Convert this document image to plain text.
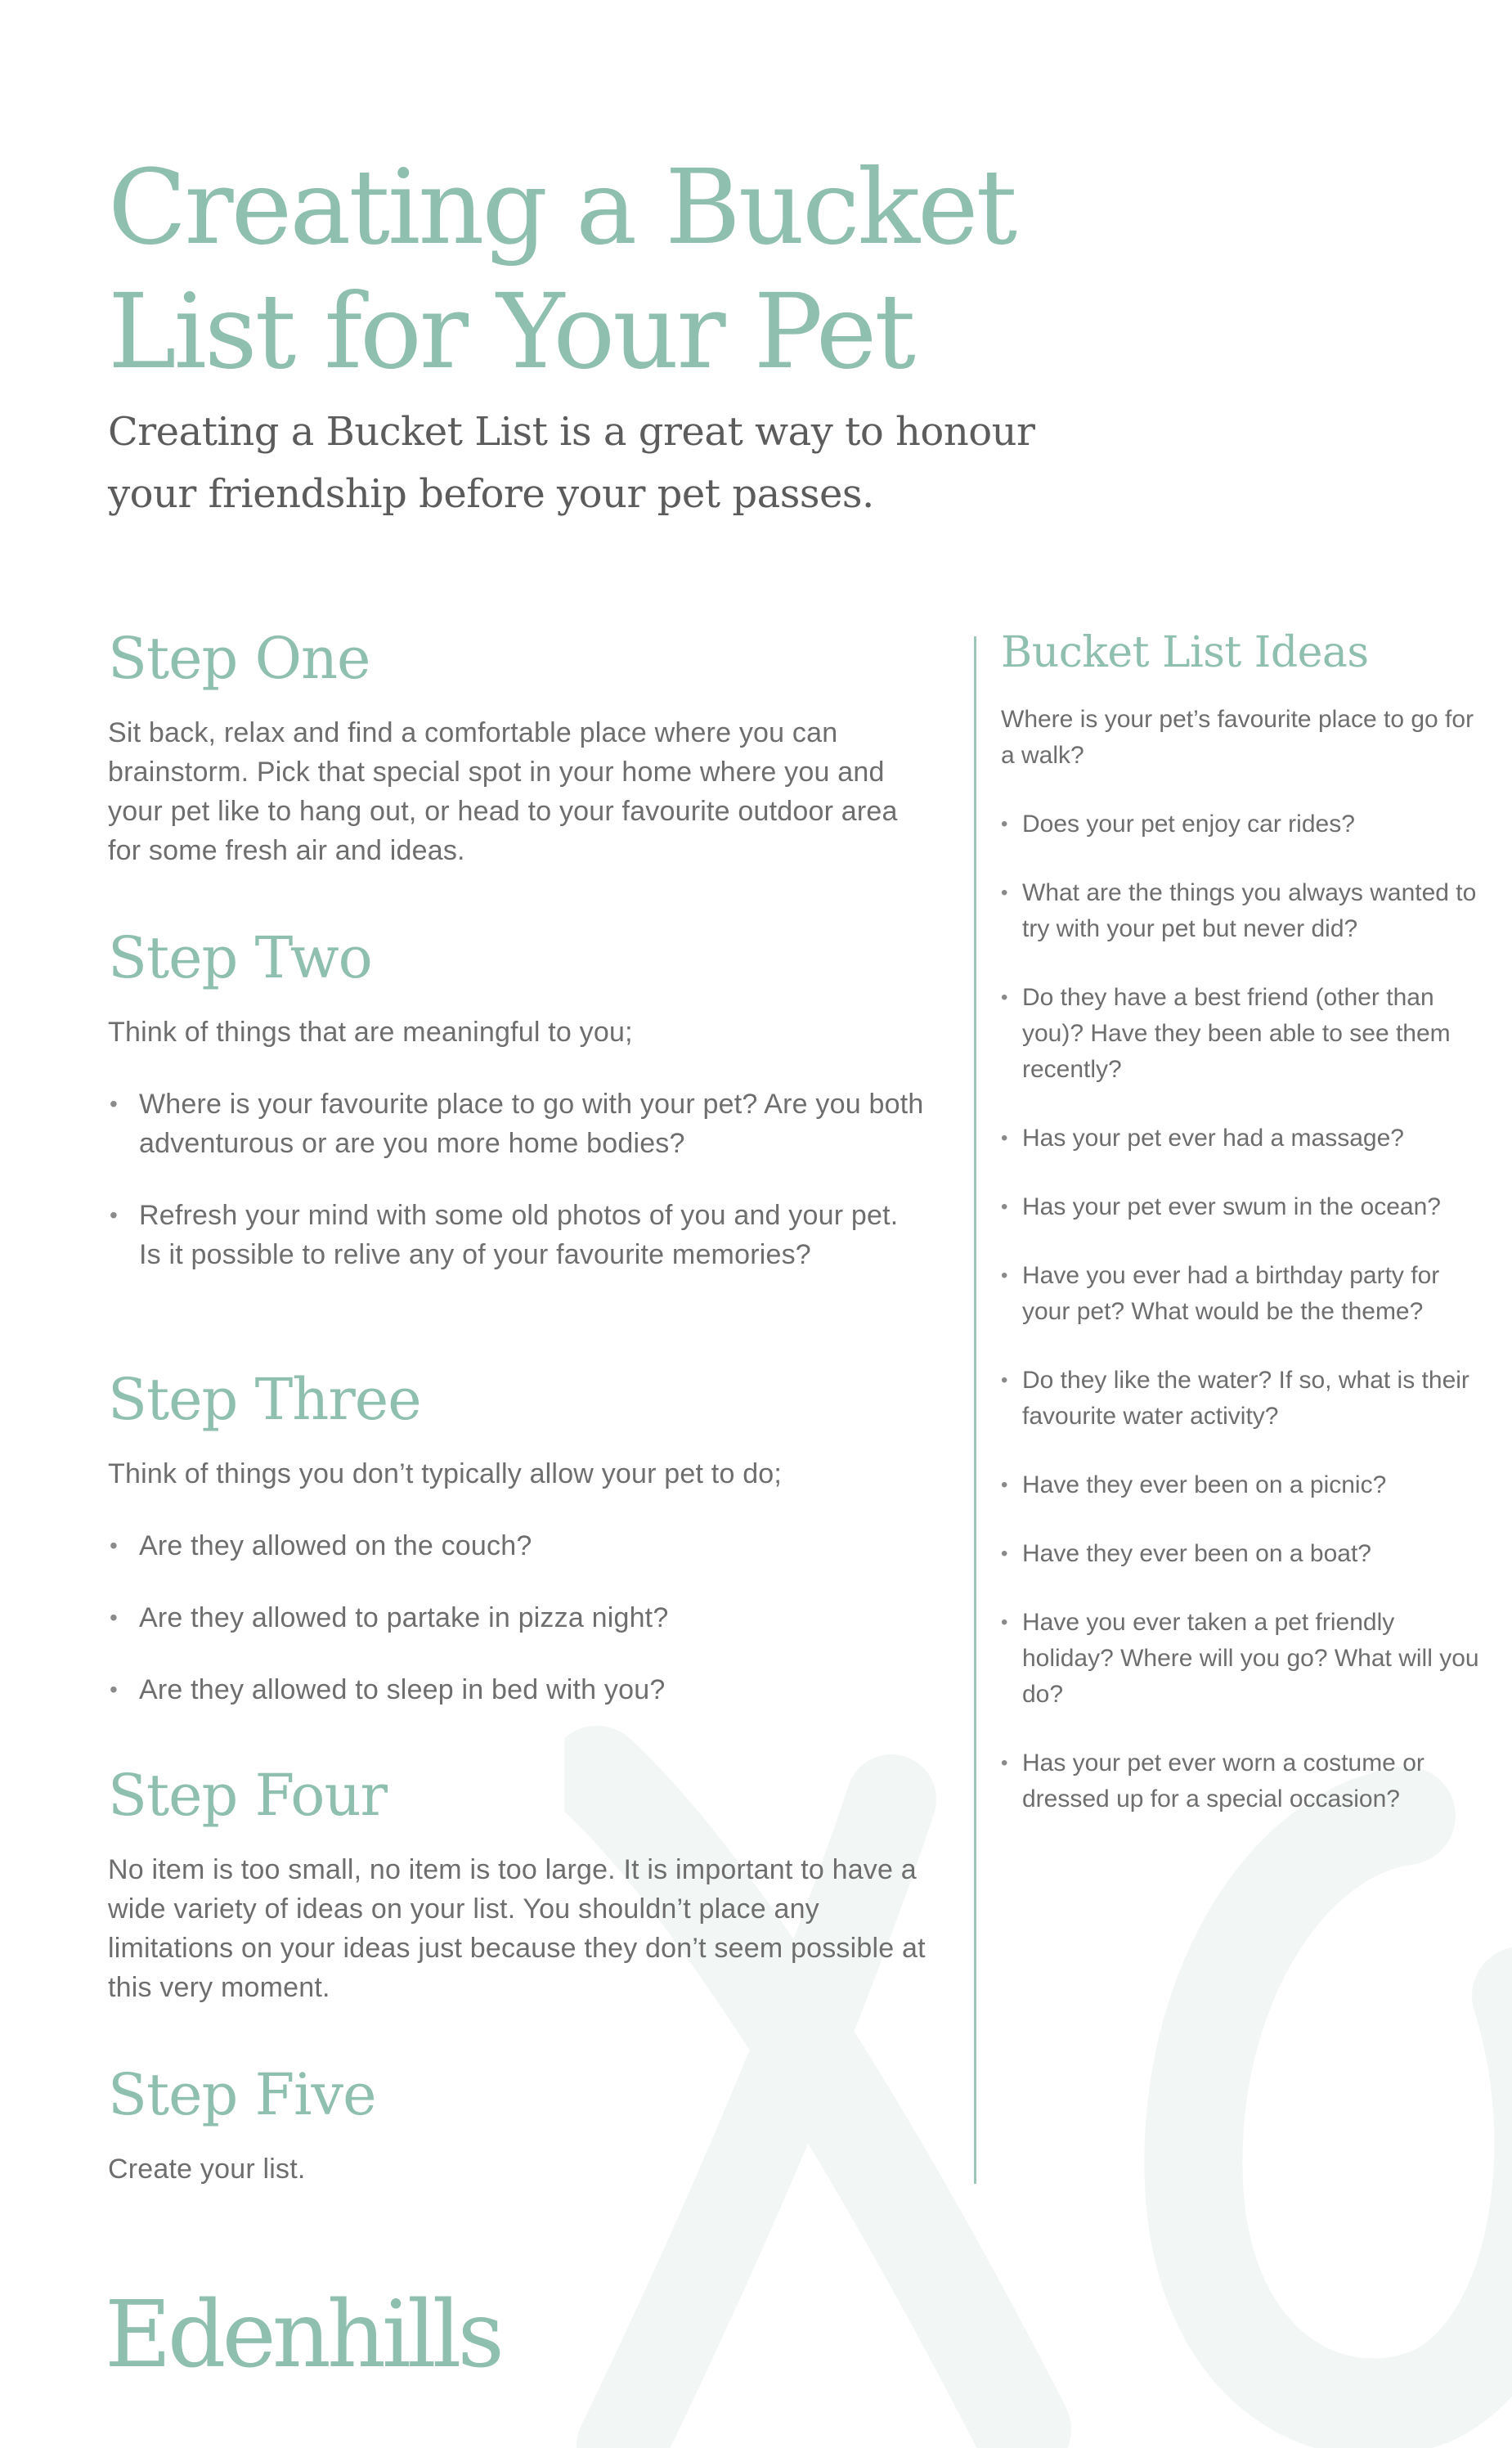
Creating a Bucket List for Your Pet

Creating a Bucket List is a great way to honour your friendship before your pet passes.

Step One

Sit back, relax and find a comfortable place where you can brainstorm. Pick that special spot in your home where you and your pet like to hang out, or head to your favourite outdoor area for some fresh air and ideas.

Step Two

Think of things that are meaningful to you;

• Where is your favourite place to go with your pet? Are you both adventurous or are you more home bodies?
• Refresh your mind with some old photos of you and your pet. Is it possible to relive any of your favourite memories?
Step Three

Think of things you don’t typically allow your pet to do;

• Are they allowed on the couch?
• Are they allowed to partake in pizza night?
• Are they allowed to sleep in bed with you?
Step Four

No item is too small, no item is too large. It is important to have a wide variety of ideas on your list. You shouldn’t place any limitations on your ideas just because they don’t seem possible at this very moment.

Step Five

Create your list.

Bucket List Ideas

Where is your pet’s favourite place to go for a walk?

• Does your pet enjoy car rides?
• What are the things you always wanted to try with your pet but never did?
• Do they have a best friend (other than you)? Have they been able to see them recently?
• Has your pet ever had a massage?
• Has your pet ever swum in the ocean?
• Have you ever had a birthday party for your pet? What would be the theme?
• Do they like the water? If so, what is their favourite water activity?
• Have they ever been on a picnic?
• Have they ever been on a boat?
• Have you ever taken a pet friendly holiday? Where will you go? What will you do?
• Has your pet ever worn a costume or dressed up for a special occasion?

Edenhills
